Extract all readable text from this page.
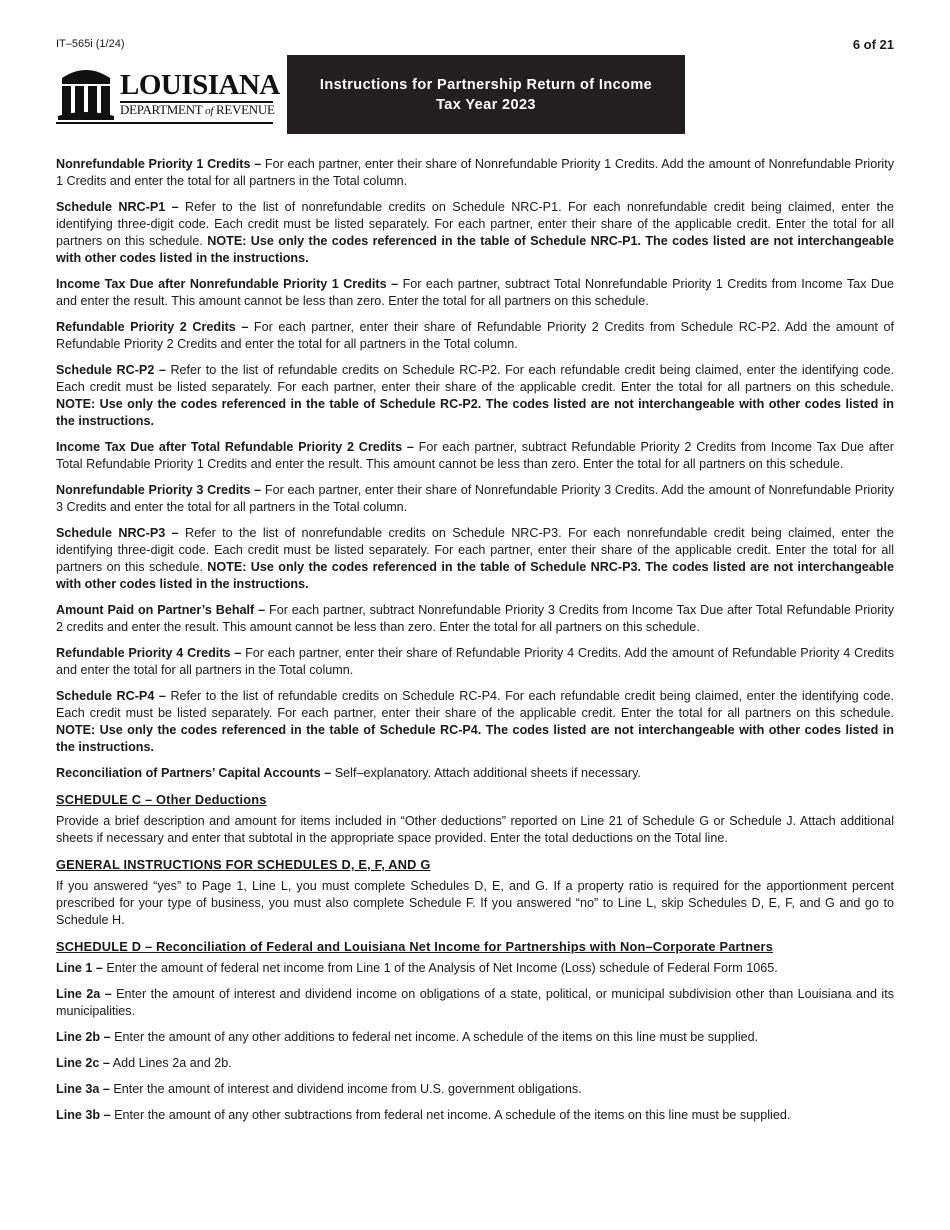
IT–565i (1/24)	6 of 21
LOUISIANA
DEPARTMENT of REVENUE
Instructions for Partnership Return of Income
Tax Year 2023

Nonrefundable Priority 1 Credits – For each partner, enter their share of Nonrefundable Priority 1 Credits. Add the amount of Nonrefundable Priority 1 Credits and enter the total for all partners in the Total column.

Schedule NRC-P1 – Refer to the list of nonrefundable credits on Schedule NRC-P1. For each nonrefundable credit being claimed, enter the identifying three-digit code. Each credit must be listed separately. For each partner, enter their share of the applicable credit. Enter the total for all partners on this schedule. NOTE: Use only the codes referenced in the table of Schedule NRC-P1. The codes listed are not interchangeable with other codes listed in the instructions.

Income Tax Due after Nonrefundable Priority 1 Credits – For each partner, subtract Total Nonrefundable Priority 1 Credits from Income Tax Due and enter the result. This amount cannot be less than zero. Enter the total for all partners on this schedule.

Refundable Priority 2 Credits – For each partner, enter their share of Refundable Priority 2 Credits from Schedule RC-P2. Add the amount of Refundable Priority 2 Credits and enter the total for all partners in the Total column.

Schedule RC-P2 – Refer to the list of refundable credits on Schedule RC-P2. For each refundable credit being claimed, enter the identifying code. Each credit must be listed separately. For each partner, enter their share of the applicable credit. Enter the total for all partners on this schedule. NOTE: Use only the codes referenced in the table of Schedule RC-P2. The codes listed are not interchangeable with other codes listed in the instructions.

Income Tax Due after Total Refundable Priority 2 Credits – For each partner, subtract Refundable Priority 2 Credits from Income Tax Due after Total Refundable Priority 1 Credits and enter the result. This amount cannot be less than zero. Enter the total for all partners on this schedule.

Nonrefundable Priority 3 Credits – For each partner, enter their share of Nonrefundable Priority 3 Credits. Add the amount of Nonrefundable Priority 3 Credits and enter the total for all partners in the Total column.

Schedule NRC-P3 – Refer to the list of nonrefundable credits on Schedule NRC-P3. For each nonrefundable credit being claimed, enter the identifying three-digit code. Each credit must be listed separately. For each partner, enter their share of the applicable credit. Enter the total for all partners on this schedule. NOTE: Use only the codes referenced in the table of Schedule NRC-P3. The codes listed are not interchangeable with other codes listed in the instructions.

Amount Paid on Partner’s Behalf – For each partner, subtract Nonrefundable Priority 3 Credits from Income Tax Due after Total Refundable Priority 2 credits and enter the result. This amount cannot be less than zero. Enter the total for all partners on this schedule.

Refundable Priority 4 Credits – For each partner, enter their share of Refundable Priority 4 Credits. Add the amount of Refundable Priority 4 Credits and enter the total for all partners in the Total column.

Schedule RC-P4 – Refer to the list of refundable credits on Schedule RC-P4. For each refundable credit being claimed, enter the identifying code. Each credit must be listed separately. For each partner, enter their share of the applicable credit. Enter the total for all partners on this schedule. NOTE: Use only the codes referenced in the table of Schedule RC-P4. The codes listed are not interchangeable with other codes listed in the instructions.

Reconciliation of Partners’ Capital Accounts – Self–explanatory. Attach additional sheets if necessary.

SCHEDULE C – Other Deductions

Provide a brief description and amount for items included in “Other deductions” reported on Line 21 of Schedule G or Schedule J. Attach additional sheets if necessary and enter that subtotal in the appropriate space provided. Enter the total deductions on the Total line.

GENERAL INSTRUCTIONS FOR SCHEDULES D, E, F, AND G

If you answered “yes” to Page 1, Line L, you must complete Schedules D, E, and G. If a property ratio is required for the apportionment percent prescribed for your type of business, you must also complete Schedule F. If you answered “no” to Line L, skip Schedules D, E, F, and G and go to Schedule H.

SCHEDULE D – Reconciliation of Federal and Louisiana Net Income for Partnerships with Non–Corporate Partners

Line 1 – Enter the amount of federal net income from Line 1 of the Analysis of Net Income (Loss) schedule of Federal Form 1065.

Line 2a – Enter the amount of interest and dividend income on obligations of a state, political, or municipal subdivision other than Louisiana and its municipalities.

Line 2b – Enter the amount of any other additions to federal net income. A schedule of the items on this line must be supplied.

Line 2c – Add Lines 2a and 2b.

Line 3a – Enter the amount of interest and dividend income from U.S. government obligations.

Line 3b – Enter the amount of any other subtractions from federal net income. A schedule of the items on this line must be supplied.
